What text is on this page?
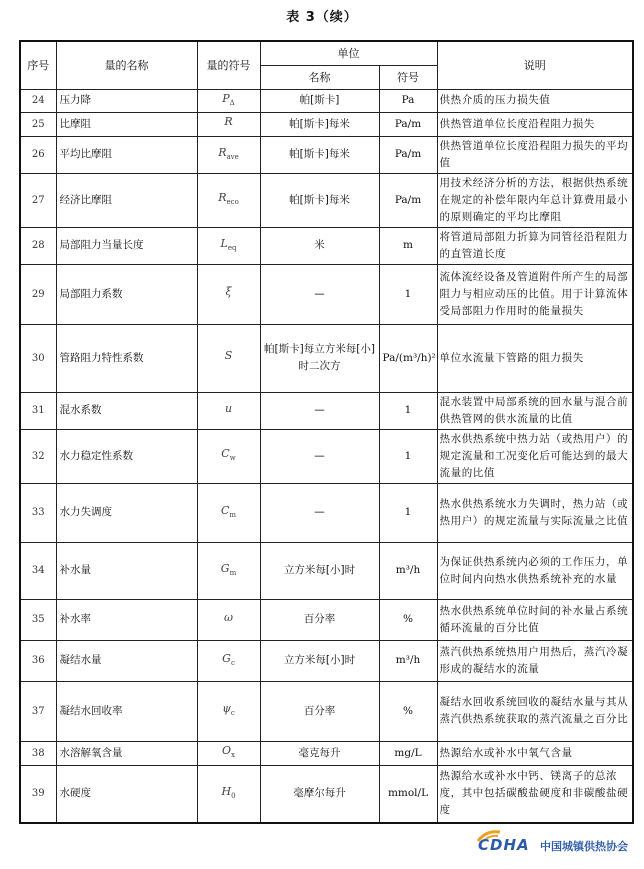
表 3（续）
序号	量的名称	量的符号	单位		说明
			名称	符号	
24	压力降	$P_\Delta$	帕[斯卡]	Pa	供热介质的压力损失值
25	比摩阻	R	帕[斯卡]每米	Pa/m	供热管道单位长度沿程阻力损失
26	平均比摩阻	$R_{ave}$	帕[斯卡]每米	Pa/m	供热管道单位长度沿程阻力损失的平均值
27	经济比摩阻	$R_{eco}$	帕[斯卡]每米	Pa/m	用技术经济分析的方法，根据供热系统在规定的补偿年限内年总计算费用最小的原则确定的平均比摩阻
28	局部阻力当量长度	$L_{eq}$	米	m	将管道局部阻力折算为同管径沿程阻力的直管道长度
29	局部阻力系数	ξ	—	1	流体流经设备及管道附件所产生的局部阻力与相应动压的比值。用于计算流体受局部阻力作用时的能量损失
30	管路阻力特性系数	S	帕[斯卡]每立方米每[小]时二次方	Pa/(m³/h)²	单位水流量下管路的阻力损失
31	混水系数	u	—	1	混水装置中局部系统的回水量与混合前供热管网的供水流量的比值
32	水力稳定性系数	$C_w$	—	1	热水供热系统中热力站（或热用户）的规定流量和工况变化后可能达到的最大流量的比值
33	水力失调度	$C_m$	—	1	热水供热系统水力失调时，热力站（或热用户）的规定流量与实际流量之比值
34	补水量	$G_m$	立方米每[小]时	m³/h	为保证供热系统内必须的工作压力，单位时间内向热水供热系统补充的水量
35	补水率	ω	百分率	%	热水供热系统单位时间的补水量占系统循环流量的百分比值
36	凝结水量	$G_c$	立方米每[小]时	m³/h	蒸汽供热系统热用户用热后，蒸汽冷凝形成的凝结水的流量
37	凝结水回收率	$\psi_c$	百分率	%	凝结水回收系统回收的凝结水量与其从蒸汽供热系统获取的蒸汽流量之百分比
38	水溶解氧含量	$O_x$	毫克每升	mg/L	热源给水或补水中氧气含量
39	水硬度	$H_0$	毫摩尔每升	mmol/L	热源给水或补水中钙、镁离子的总浓度，其中包括碳酸盐硬度和非碳酸盐硬度
CDHA 中国城镇供热协会
